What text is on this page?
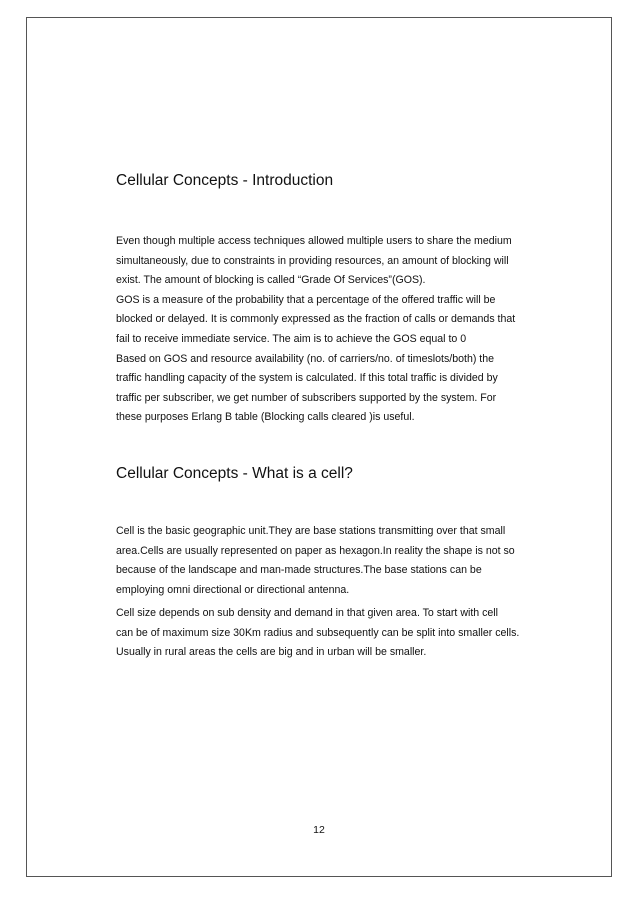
Cellular Concepts - Introduction
Even though multiple access techniques allowed multiple users to share the medium
simultaneously, due to constraints in providing resources, an amount of blocking will
exist. The amount of blocking is called “Grade Of Services”(GOS).
GOS is a measure of the probability that a percentage of the offered traffic will be
blocked or delayed. It is commonly expressed as the fraction of calls or demands that
fail to receive immediate service. The aim is to achieve the GOS equal to 0
Based on GOS and resource availability (no. of carriers/no. of timeslots/both) the
traffic handling capacity of the system is calculated. If this total traffic is divided by
traffic per subscriber, we get number of subscribers supported by the system. For
these purposes Erlang B table (Blocking calls cleared )is useful.
Cellular Concepts - What is a cell?
Cell is the basic geographic unit.They are base stations transmitting over that small
area.Cells are usually represented on paper as hexagon.In reality the shape is not so
because of the landscape and man-made structures.The base stations can be
employing omni directional or directional antenna.
Cell size depends on sub density and demand in that given area. To start with cell
can be of maximum size 30Km radius and subsequently can be split into smaller cells.
Usually in rural areas the cells are big and in urban will be smaller.
12
